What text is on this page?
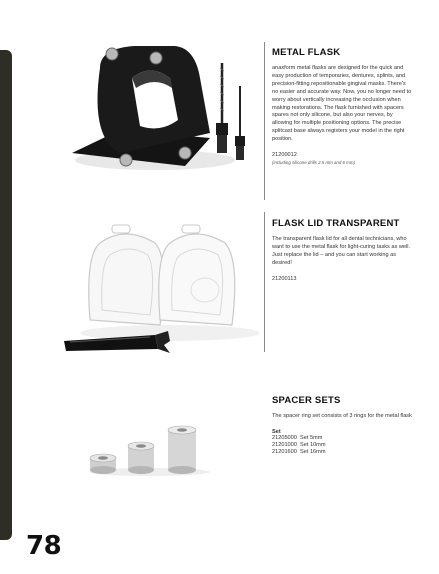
METAL FLASK
anaxform metal flasks are designed for the quick and easy production of temporaries, dentures, splints, and precision-fitting repositionable gingival masks. There's no easier and accurate way. Now, you no longer need to worry about vertically increasing the occlusion when making restorations. The flask furnished with spacers spares not only silicone, but also your nerves, by allowing for multiple positioning options. The precise splitcast base always registers your model in the right position.
21200012
(including silicone drills 2.5 mm and 6 mm)
FLASK LID TRANSPARENT
The transparent flask lid for all dental technicians, who want to use the metal flask for light-curing tasks as well. Just replace the lid – and you can start working as desired!
21200113
SPACER SETS
The spacer ring set consists of 3 rings for the metal flask
Set
21205000 Set 5mm
21201000 Set 10mm
21201600 Set 16mm
78
